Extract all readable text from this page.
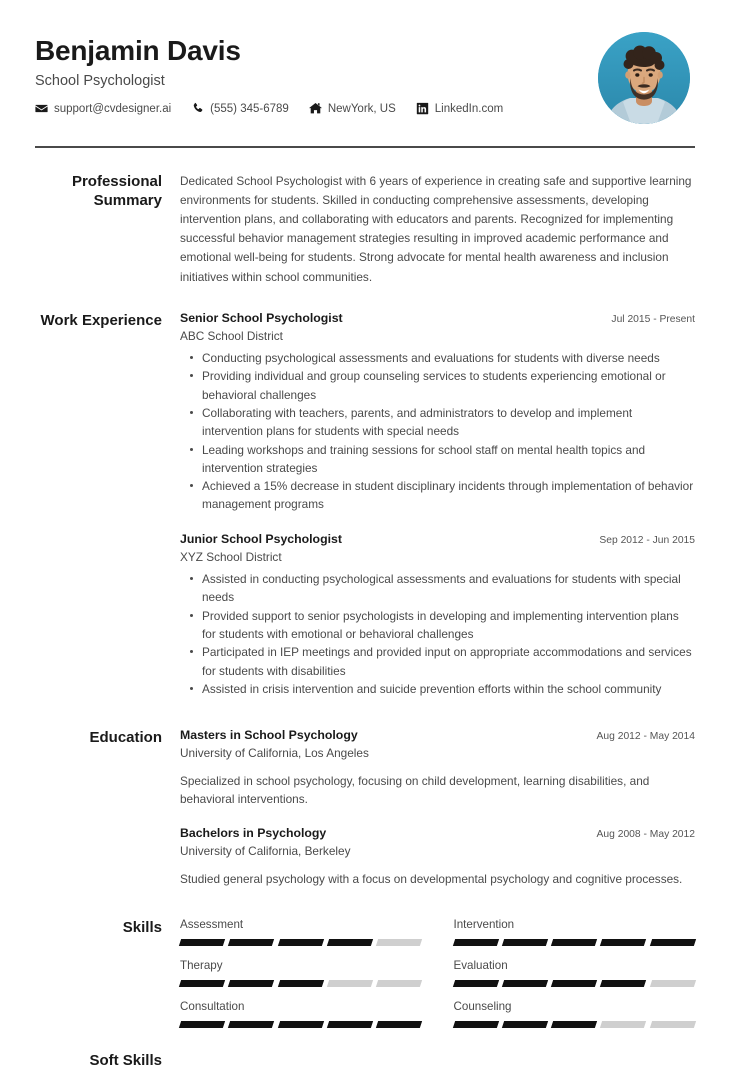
Benjamin Davis
School Psychologist
support@cvdesigner.ai	(555) 345-6789	NewYork, US	LinkedIn.com
Professional Summary

Dedicated School Psychologist with 6 years of experience in creating safe and supportive learning environments for students. Skilled in conducting comprehensive assessments, developing intervention plans, and collaborating with educators and parents. Recognized for implementing successful behavior management strategies resulting in improved academic performance and emotional well-being for students. Strong advocate for mental health awareness and inclusion initiatives within school communities.

Work Experience	Senior School Psychologist	Jul 2015 - Present
ABC School District
Conducting psychological assessments and evaluations for students with diverse needs
Providing individual and group counseling services to students experiencing emotional or behavioral challenges
Collaborating with teachers, parents, and administrators to develop and implement intervention plans for students with special needs
Leading workshops and training sessions for school staff on mental health topics and intervention strategies
Achieved a 15% decrease in student disciplinary incidents through implementation of behavior management programs
Junior School Psychologist	Sep 2012 - Jun 2015
XYZ School District
Assisted in conducting psychological assessments and evaluations for students with special needs
Provided support to senior psychologists in developing and implementing intervention plans for students with emotional or behavioral challenges
Participated in IEP meetings and provided input on appropriate accommodations and services for students with disabilities
Assisted in crisis intervention and suicide prevention efforts within the school community
Education	Masters in School Psychology	Aug 2012 - May 2014
University of California, Los Angeles
Specialized in school psychology, focusing on child development, learning disabilities, and behavioral interventions.
Bachelors in Psychology	Aug 2008 - May 2012
University of California, Berkeley
Studied general psychology with a focus on developmental psychology and cognitive processes.
Skills	Assessment	Intervention
Therapy	Evaluation
Consultation	Counseling
Soft Skills
